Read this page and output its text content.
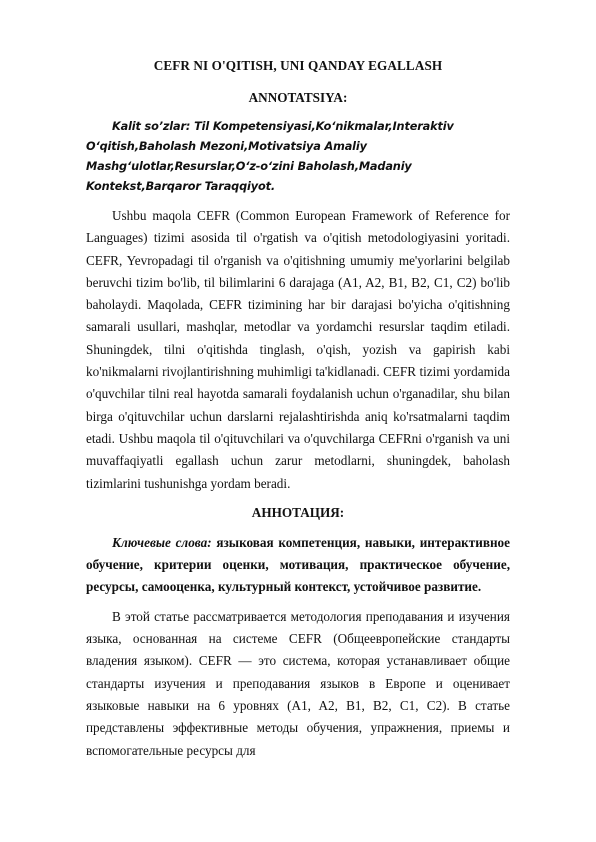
CEFR NI O'QITISH, UNI QANDAY EGALLASH
ANNOTATSIYA:

Kalit so’zlar: Til Kompetensiyasi,Ko‘nikmalar,Interaktiv O‘qitish,Baholash Mezoni,Motivatsiya Amaliy Mashg‘ulotlar,Resurslar,O‘z-o‘zini Baholash,Madaniy Kontekst,Barqaror Taraqqiyot.

Ushbu maqola CEFR (Common European Framework of Reference for Languages) tizimi asosida til o'rgatish va o'qitish metodologiyasini yoritadi. CEFR, Yevropadagi til o'rganish va o'qitishning umumiy me'yorlarini belgilab beruvchi tizim bo'lib, til bilimlarini 6 darajaga (A1, A2, B1, B2, C1, C2) bo'lib baholaydi. Maqolada, CEFR tizimining har bir darajasi bo'yicha o'qitishning samarali usullari, mashqlar, metodlar va yordamchi resurslar taqdim etiladi. Shuningdek, tilni o'qitishda tinglash, o'qish, yozish va gapirish kabi ko'nikmalarni rivojlantirishning muhimligi ta'kidlanadi. CEFR tizimi yordamida o'quvchilar tilni real hayotda samarali foydalanish uchun o'rganadilar, shu bilan birga o'qituvchilar uchun darslarni rejalashtirishda aniq ko'rsatmalarni taqdim etadi. Ushbu maqola til o'qituvchilari va o'quvchilarga CEFRni o'rganish va uni muvaffaqiyatli egallash uchun zarur metodlarni, shuningdek, baholash tizimlarini tushunishga yordam beradi.

АННОТАЦИЯ:

Ключевые слова: языковая компетенция, навыки, интерактивное обучение, критерии оценки, мотивация, практическое обучение, ресурсы, самооценка, культурный контекст, устойчивое развитие.

В этой статье рассматривается методология преподавания и изучения языка, основанная на системе CEFR (Общеевропейские стандарты владения языком). CEFR — это система, которая устанавливает общие стандарты изучения и преподавания языков в Европе и оценивает языковые навыки на 6 уровнях (A1, A2, B1, B2, C1, C2). В статье представлены эффективные методы обучения, упражнения, приемы и вспомогательные ресурсы для
